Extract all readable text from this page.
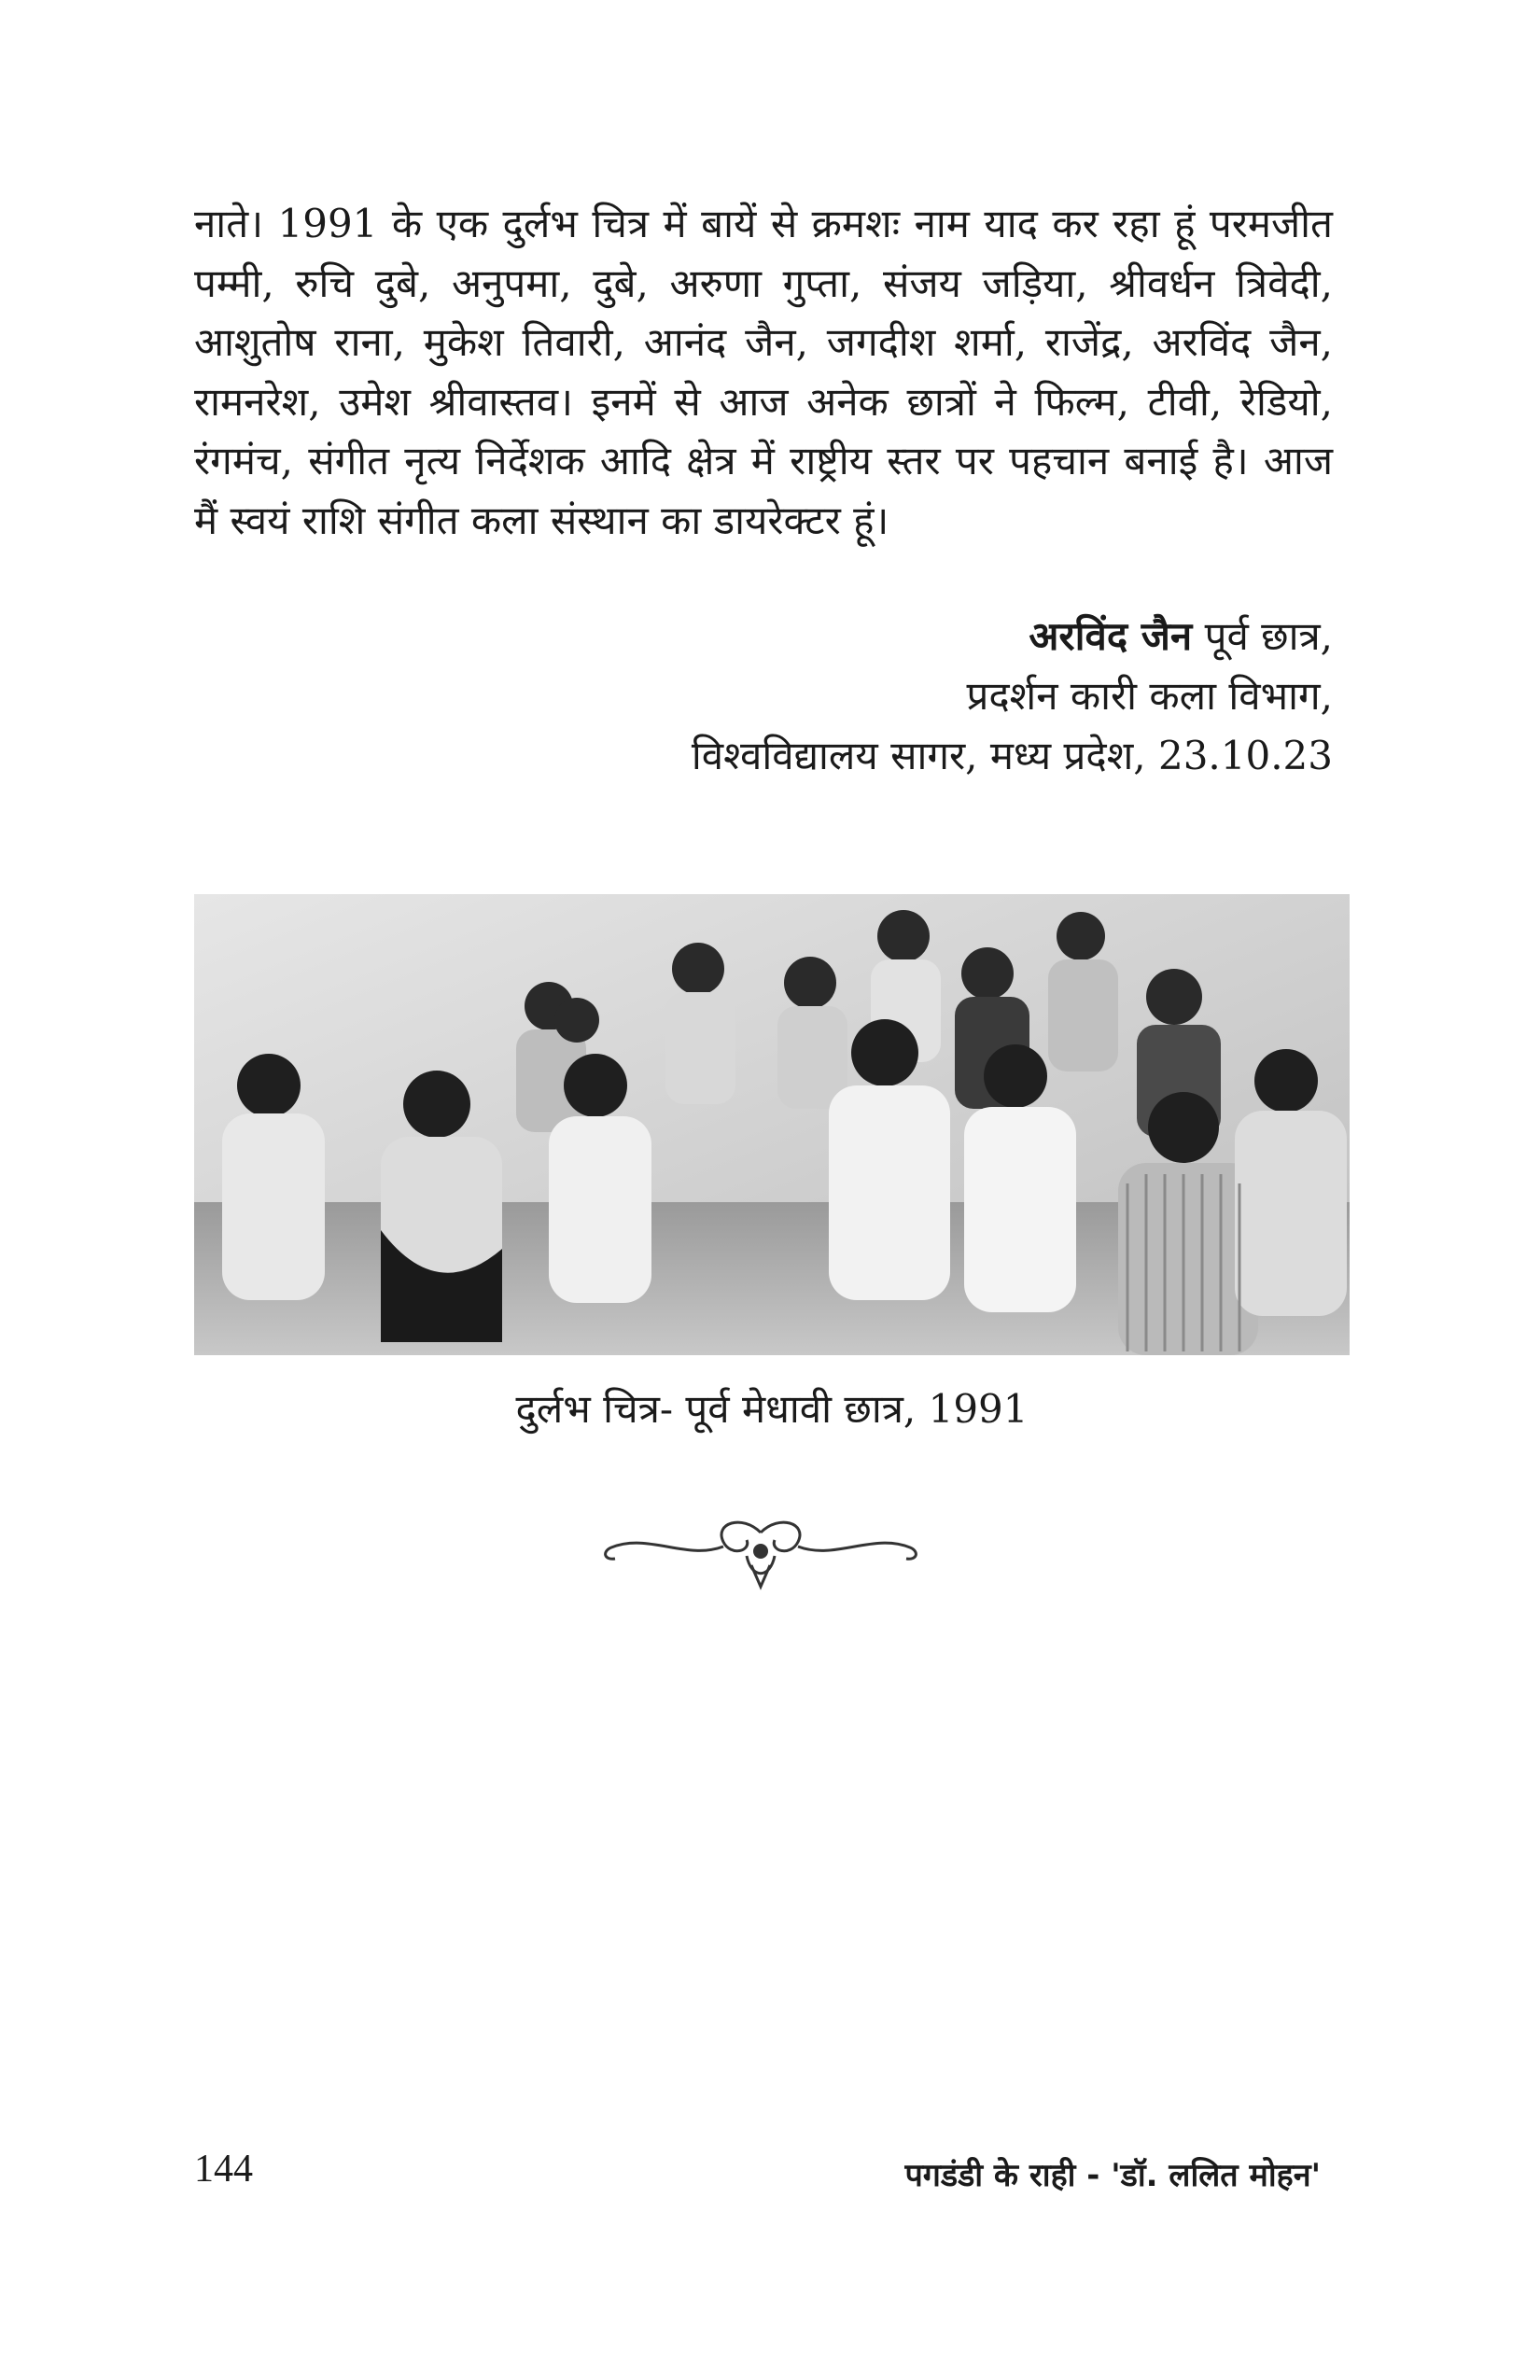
नाते। 1991 के एक दुर्लभ चित्र में बायें से क्रमशः नाम याद कर रहा हूं परमजीत
पम्मी, रुचि दुबे, अनुपमा, दुबे, अरुणा गुप्ता, संजय जड़िया, श्रीवर्धन त्रिवेदी,
आशुतोष राना, मुकेश तिवारी, आनंद जैन, जगदीश शर्मा, राजेंद्र, अरविंद जैन,
रामनरेश, उमेश श्रीवास्तव। इनमें से आज अनेक छात्रों ने फिल्म, टीवी, रेडियो,
रंगमंच, संगीत नृत्य निर्देशक आदि क्षेत्र में राष्ट्रीय स्तर पर पहचान बनाई है। आज
मैं स्वयं राशि संगीत कला संस्थान का डायरेक्टर हूं।
अरविंद जैन पूर्व छात्र,
प्रदर्शन कारी कला विभाग,
विश्वविद्यालय सागर, मध्य प्रदेश, 23.10.23
दुर्लभ चित्र- पूर्व मेधावी छात्र, 1991
144	पगडंडी के राही - 'डॉ. ललित मोहन'
